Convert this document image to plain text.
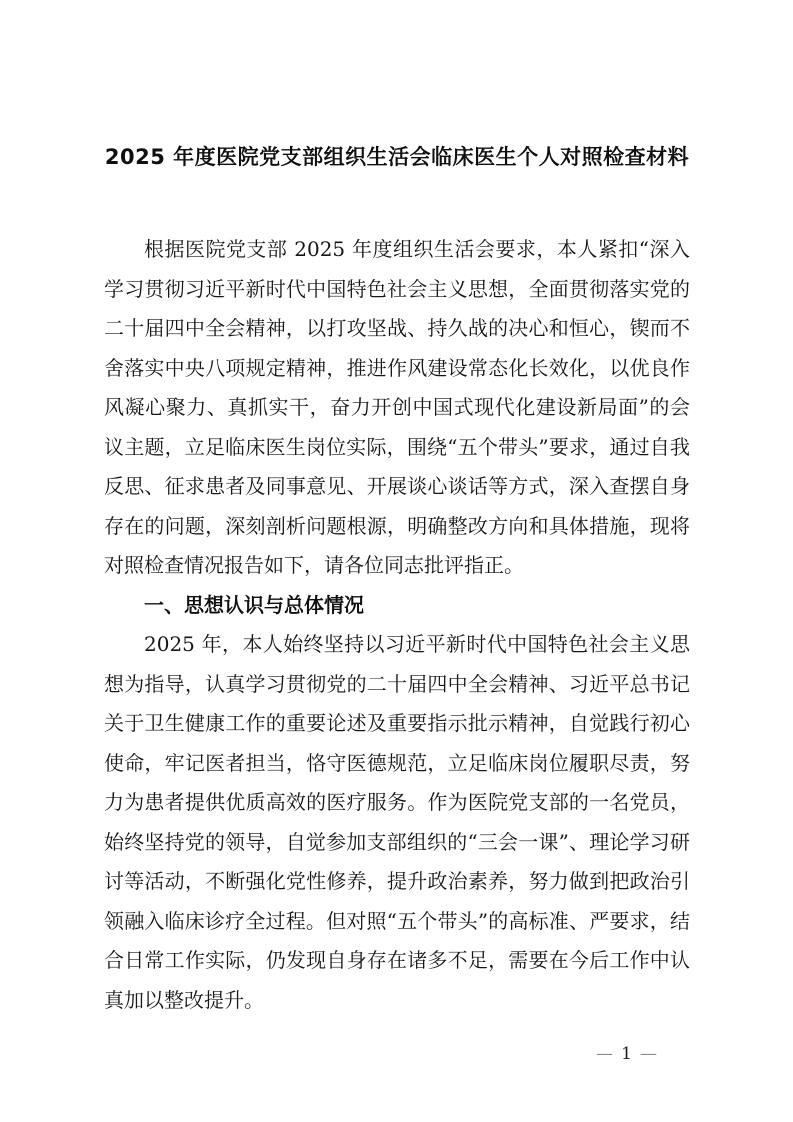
2025 年度医院党支部组织生活会临床医生个人对照检查材料

根据医院党支部 2025 年度组织生活会要求，本人紧扣“深入学习贯彻习近平新时代中国特色社会主义思想，全面贯彻落实党的二十届四中全会精神，以打攻坚战、持久战的决心和恒心，锲而不舍落实中央八项规定精神，推进作风建设常态化长效化，以优良作风凝心聚力、真抓实干，奋力开创中国式现代化建设新局面”的会议主题，立足临床医生岗位实际，围绕“五个带头”要求，通过自我反思、征求患者及同事意见、开展谈心谈话等方式，深入查摆自身存在的问题，深刻剖析问题根源，明确整改方向和具体措施，现将对照检查情况报告如下，请各位同志批评指正。

一、思想认识与总体情况

2025 年，本人始终坚持以习近平新时代中国特色社会主义思想为指导，认真学习贯彻党的二十届四中全会精神、习近平总书记关于卫生健康工作的重要论述及重要指示批示精神，自觉践行初心使命，牢记医者担当，恪守医德规范，立足临床岗位履职尽责，努力为患者提供优质高效的医疗服务。作为医院党支部的一名党员，始终坚持党的领导，自觉参加支部组织的“三会一课”、理论学习研讨等活动，不断强化党性修养，提升政治素养，努力做到把政治引领融入临床诊疗全过程。但对照“五个带头”的高标准、严要求，结合日常工作实际，仍发现自身存在诸多不足，需要在今后工作中认真加以整改提升。

— 1 —
